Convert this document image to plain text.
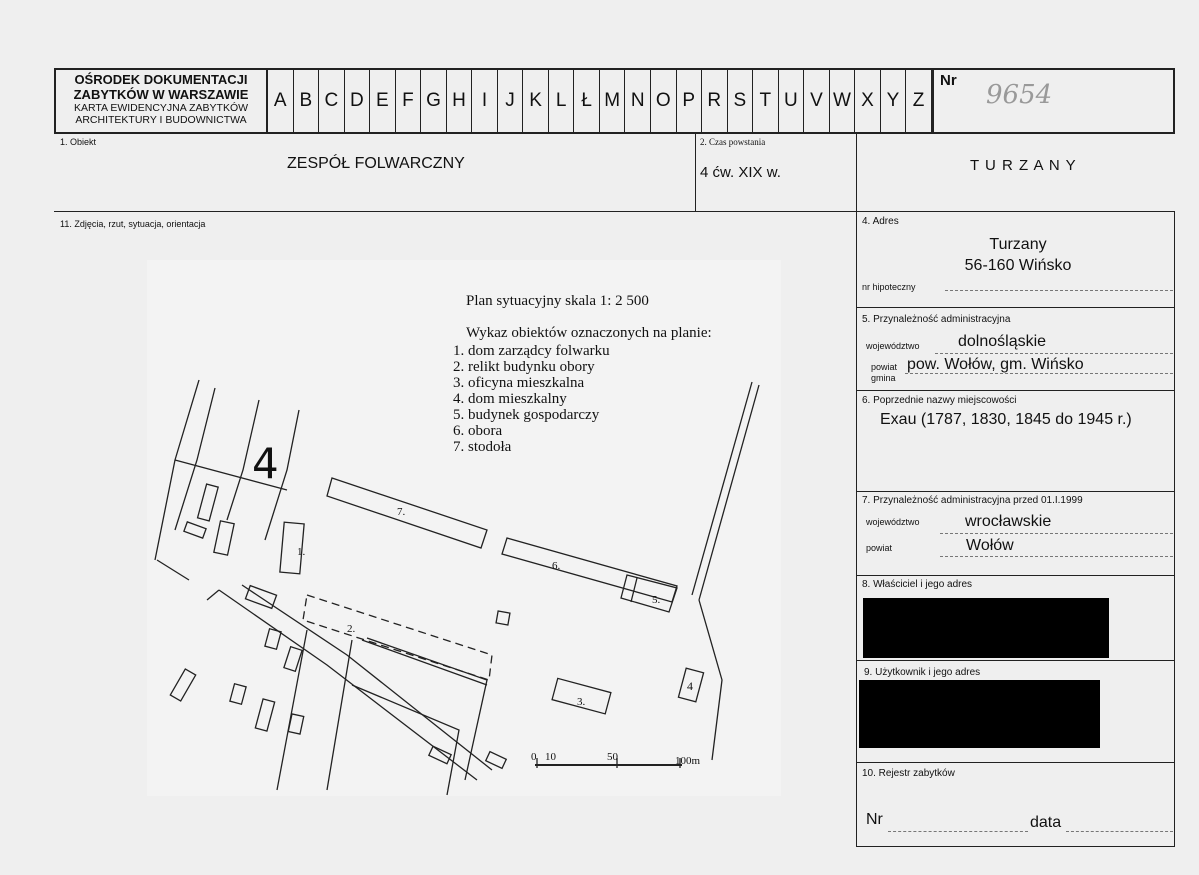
OŚRODEK DOKUMENTACJI
ZABYTKÓW W WARSZAWIE
KARTA EWIDENCYJNA ZABYTKÓW
ARCHITEKTURY I BUDOWNICTWA
A B C D E F G H I J K L Ł M N O P R S T U V W X Y Z
Nr 9654
1. Obiekt
ZESPÓŁ FOLWARCZNY
2. Czas powstania
4 ćw. XIX w.	T U R Z A N Y
11. Zdjęcia, rzut, sytuacja, orientacja	4. Adres
Turzany
56-160 Wińsko
nr hipoteczny
5. Przynależność administracyjna
województwo dolnośląskie
powiat
gmina
pow. Wołów, gm. Wińsko
6. Poprzednie nazwy miejscowości
Exau (1787, 1830, 1845 do 1945 r.)
7. Przynależność administracyjna przed 01.I.1999
województwo	wrocławskie
powiat	Wołów
8. Właściciel i jego adres
9. Użytkownik i jego adres
10. Rejestr zabytków
Nr	data
Plan sytuacyjny skala 1: 2 500
Wykaz obiektów oznaczonych na planie:
1. dom zarządcy folwarku
2. relikt budynku obory
3. oficyna mieszkalna
4. dom mieszkalny
5. budynek gospodarczy
6. obora
7. stodoła
1.
2.
3.
4
5.
6.
7.
4
0 10	50	100m
